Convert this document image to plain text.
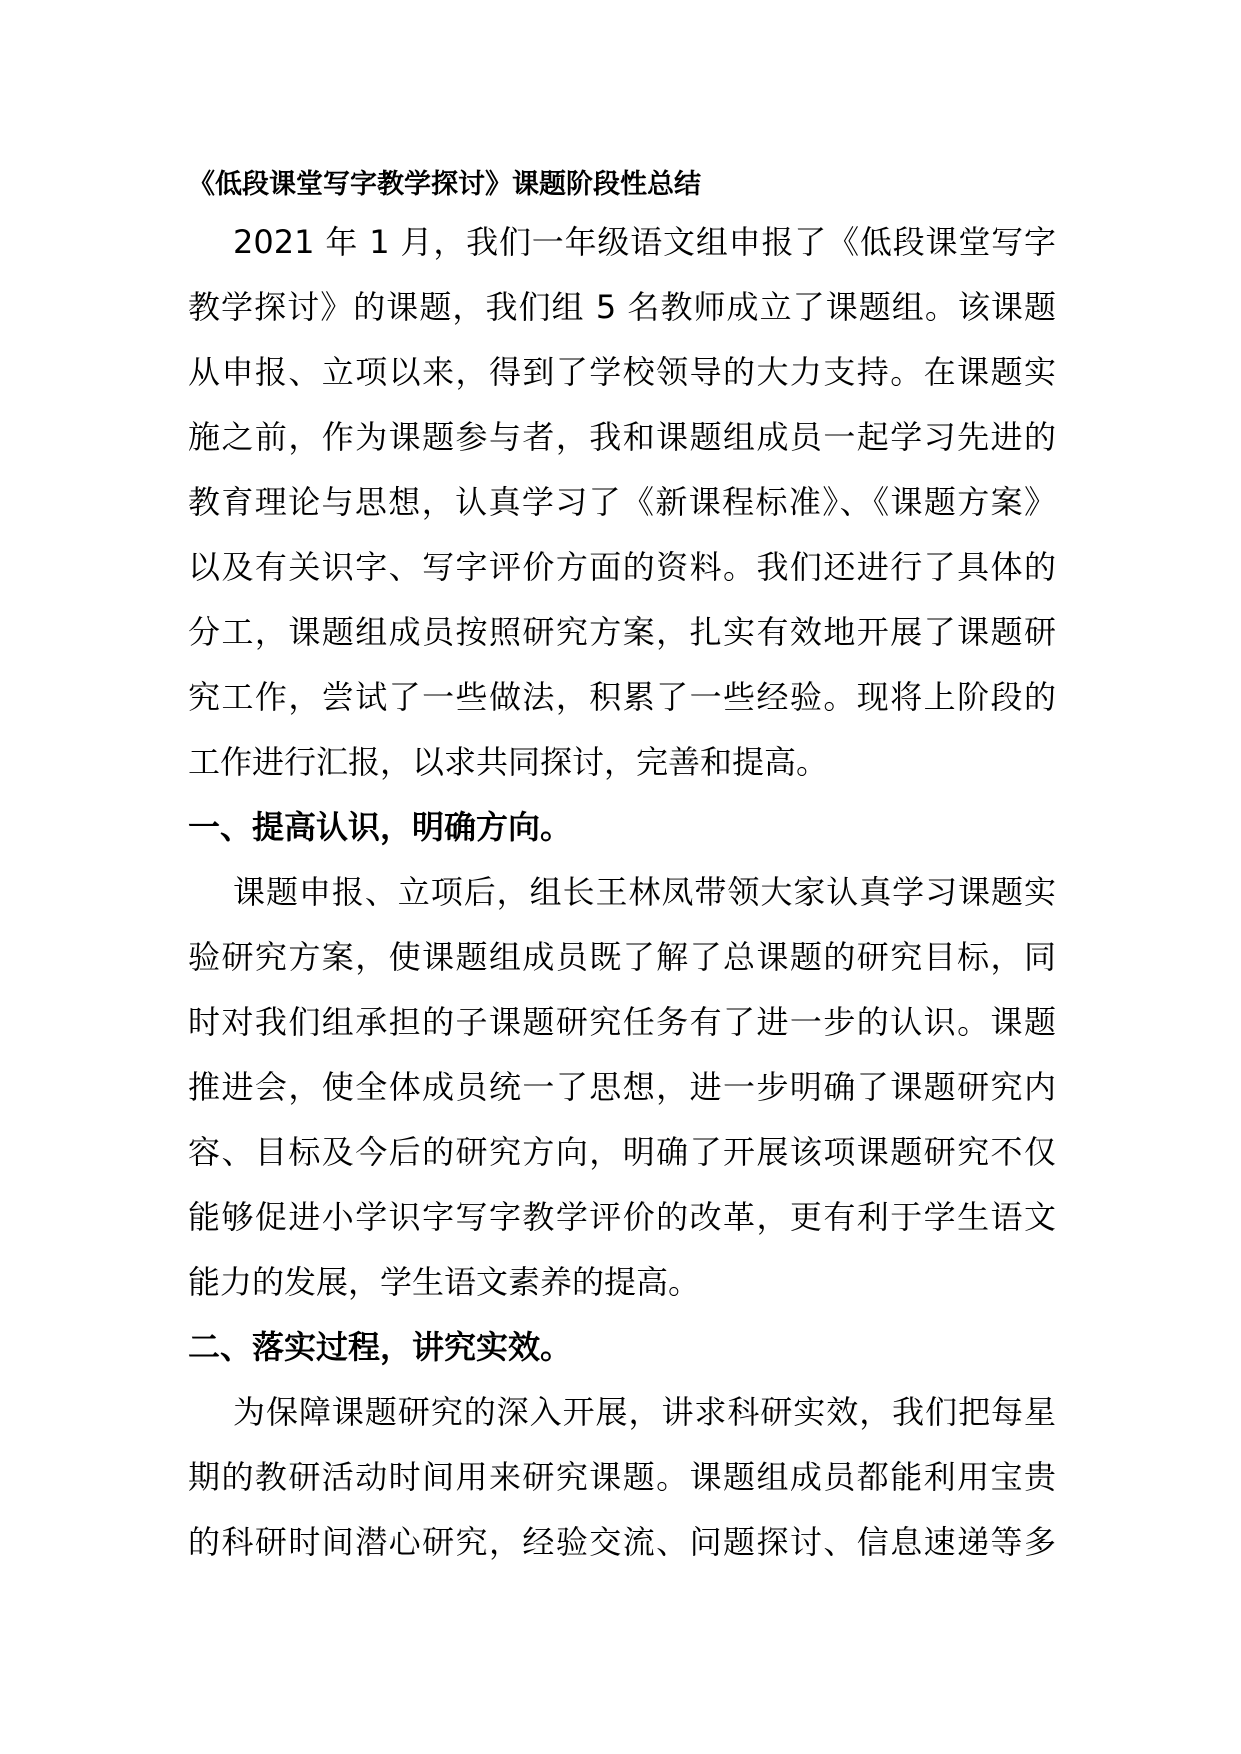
《低段课堂写字教学探讨》课题阶段性总结

2021 年 1 月，我们一年级语文组申报了《低段课堂写字

教学探讨》的课题，我们组 5 名教师成立了课题组。该课题

从申报、立项以来，得到了学校领导的大力支持。在课题实

施之前，作为课题参与者，我和课题组成员一起学习先进的

教育理论与思想，认真学习了《新课程标准》、《课题方案》

以及有关识字、写字评价方面的资料。我们还进行了具体的

分工，课题组成员按照研究方案，扎实有效地开展了课题研

究工作，尝试了一些做法，积累了一些经验。现将上阶段的

工作进行汇报，以求共同探讨，完善和提高。

一、提高认识，明确方向。

课题申报、立项后，组长王林凤带领大家认真学习课题实

验研究方案，使课题组成员既了解了总课题的研究目标，同

时对我们组承担的子课题研究任务有了进一步的认识。课题

推进会，使全体成员统一了思想，进一步明确了课题研究内

容、目标及今后的研究方向，明确了开展该项课题研究不仅

能够促进小学识字写字教学评价的改革，更有利于学生语文

能力的发展，学生语文素养的提高。

二、落实过程，讲究实效。

为保障课题研究的深入开展，讲求科研实效，我们把每星

期的教研活动时间用来研究课题。课题组成员都能利用宝贵

的科研时间潜心研究，经验交流、问题探讨、信息速递等多
